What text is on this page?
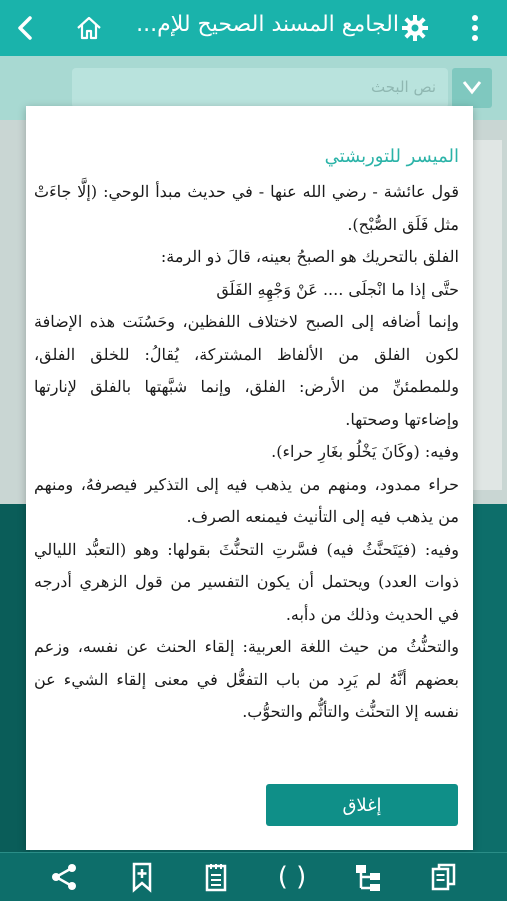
الجامع المسند الصحيح للإم...
نص البحث
الميسر للتوربشتي

قول عائشة - رضي الله عنها - في حديث مبدأ الوحي: (إلَّا جاءَتْ مثل فَلَق الصُّبْح).

الفلق بالتحريك هو الصبحُ بعينه، قالَ ذو الرمة:

حتَّى إذا ما انْجلَى .... عَنْ وَجْهِهِ الفَلَق

وإنما أضافه إلى الصبح لاختلاف اللفظين، وحَسُنَت هذه الإضافة لكون الفلق من الألفاظ المشتركة، يُقالُ: للخلق الفلق، وللمطمئنِّ من الأرض: الفلق، وإنما شبَّهتها بالفلق لإنارتها وإضاءتها وصحتها.

وفيه: (وكَانَ يَخْلُو بغَارِ حراء).

حراء ممدود، ومنهم من يذهب فيه إلى التذكير فيصرفهُ، ومنهم من يذهب فيه إلى التأنيث فيمنعه الصرف.

وفيه: (فيَتَحنَّثُ فيه) فسَّرتِ التحنُّثَ بقولها: وهو (التعبُّد الليالي ذوات العدد) ويحتمل أن يكون التفسير من قول الزهري أدرجه في الحديث وذلك من دأبه.

والتحنُّثُ من حيث اللغة العربية: إلقاء الحنث عن نفسه، وزعم بعضهم أنَّهُ لم يَرِد من باب التفعُّل في معنى إلقاء الشيء عن نفسه إلا التحنُّث والتأثُّم والتحوُّب.

إغلاق
( )
